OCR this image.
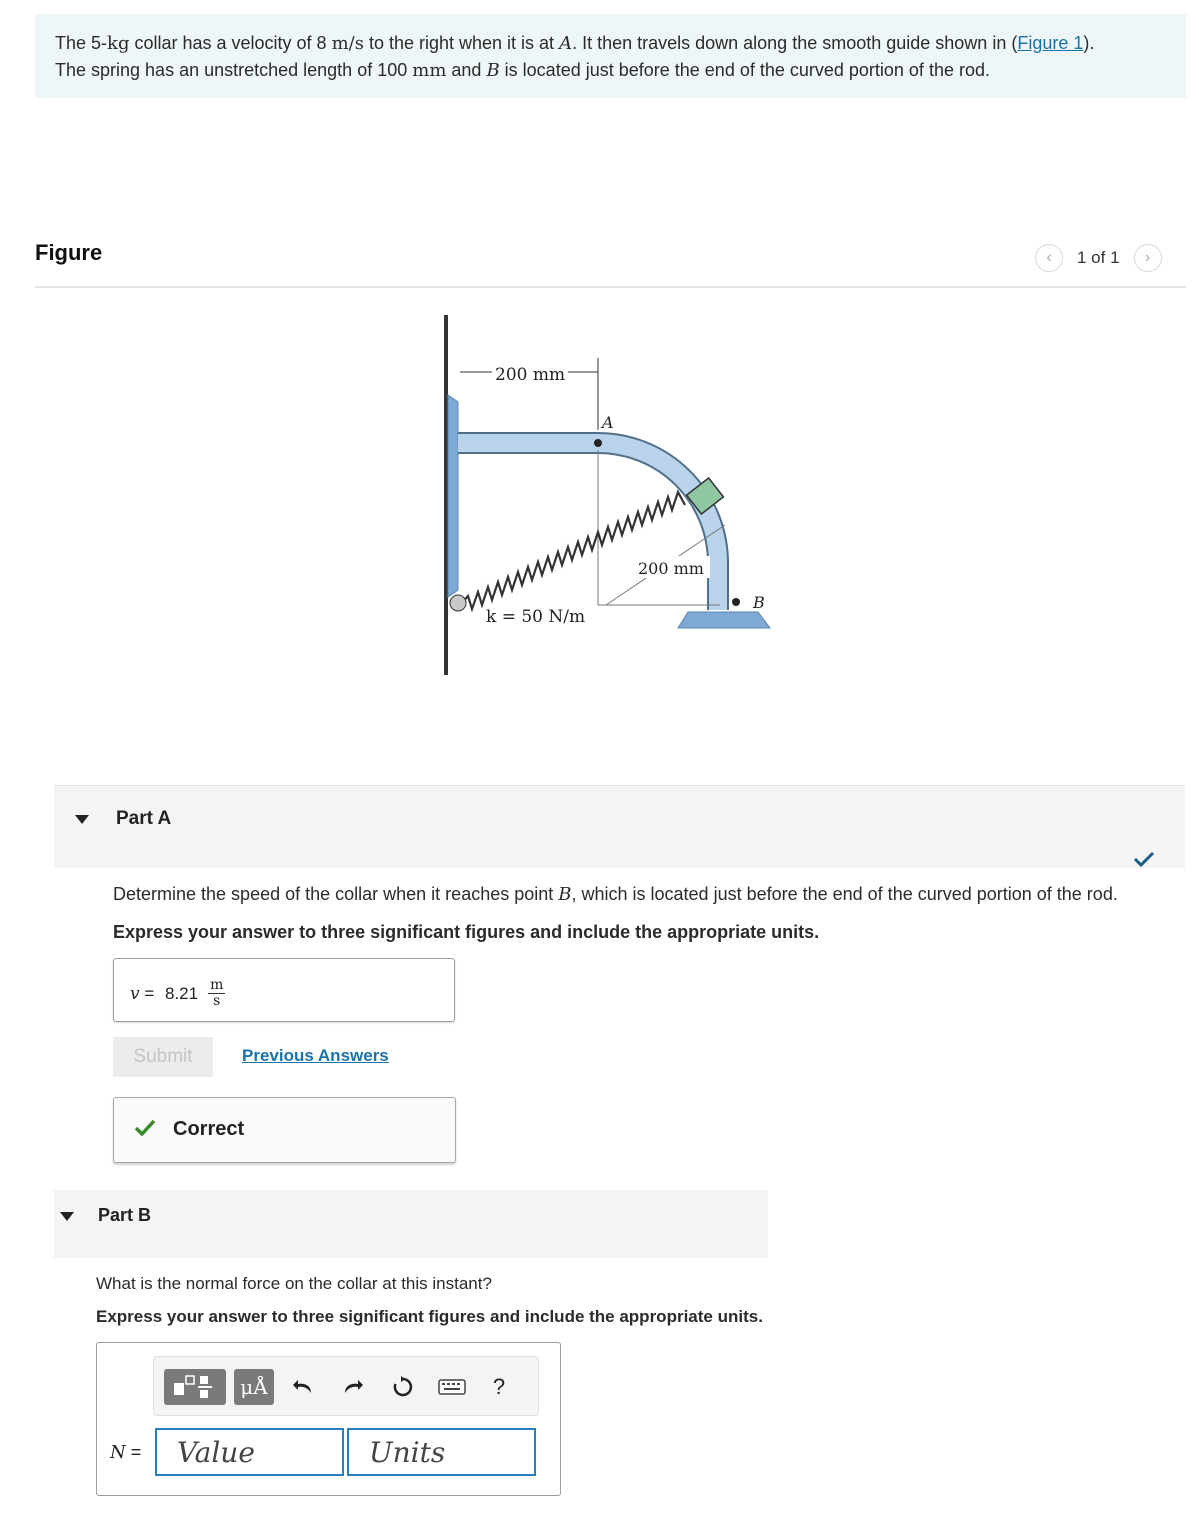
The 5-kg collar has a velocity of 8 m/s to the right when it is at A. It then travels down along the smooth guide shown in (Figure 1).
The spring has an unstretched length of 100 mm and B is located just before the end of the curved portion of the rod.
Figure	‹	1 of 1	›
200 mm
A
200 mm
B
k = 50 N/m
Part A
Determine the speed of the collar when it reaches point B, which is located just before the end of the curved portion of the rod.
Express your answer to three significant figures and include the appropriate units.
v = 8.21 m
s
Submit	Previous Answers
Correct
Part B
What is the normal force on the collar at this instant?
Express your answer to three significant figures and include the appropriate units.
μÅ	?
N =	Value	Units
